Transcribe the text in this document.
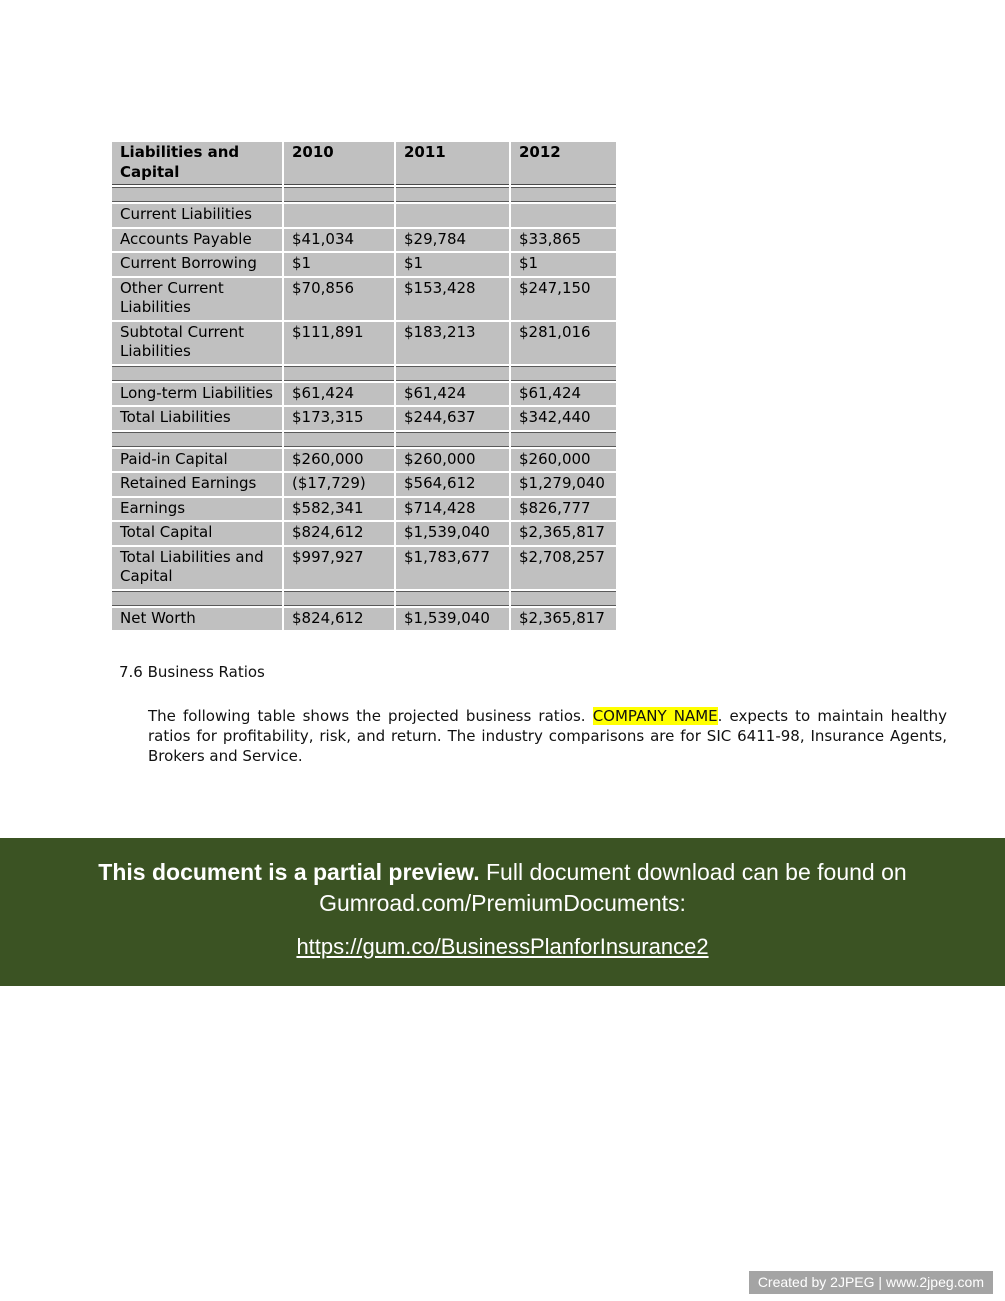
Liabilities and Capital	2010	2011	2012

Current Liabilities			
Accounts Payable	$41,034	$29,784	$33,865
Current Borrowing	$1	$1	$1
Other Current Liabilities	$70,856	$153,428	$247,150
Subtotal Current Liabilities	$111,891	$183,213	$281,016

Long-term Liabilities	$61,424	$61,424	$61,424
Total Liabilities	$173,315	$244,637	$342,440

Paid-in Capital	$260,000	$260,000	$260,000
Retained Earnings	($17,729)	$564,612	$1,279,040
Earnings	$582,341	$714,428	$826,777
Total Capital	$824,612	$1,539,040	$2,365,817
Total Liabilities and Capital	$997,927	$1,783,677	$2,708,257

Net Worth	$824,612	$1,539,040	$2,365,817
7.6 Business Ratios
The following table shows the projected business ratios. COMPANY NAME. expects to maintain healthy ratios for profitability, risk, and return. The industry comparisons are for SIC 6411-98, Insurance Agents, Brokers and Service.
This document is a partial preview. Full document download can be found on Gumroad.com/PremiumDocuments:
https://gum.co/BusinessPlanforInsurance2
Created by 2JPEG | www.2jpeg.com
